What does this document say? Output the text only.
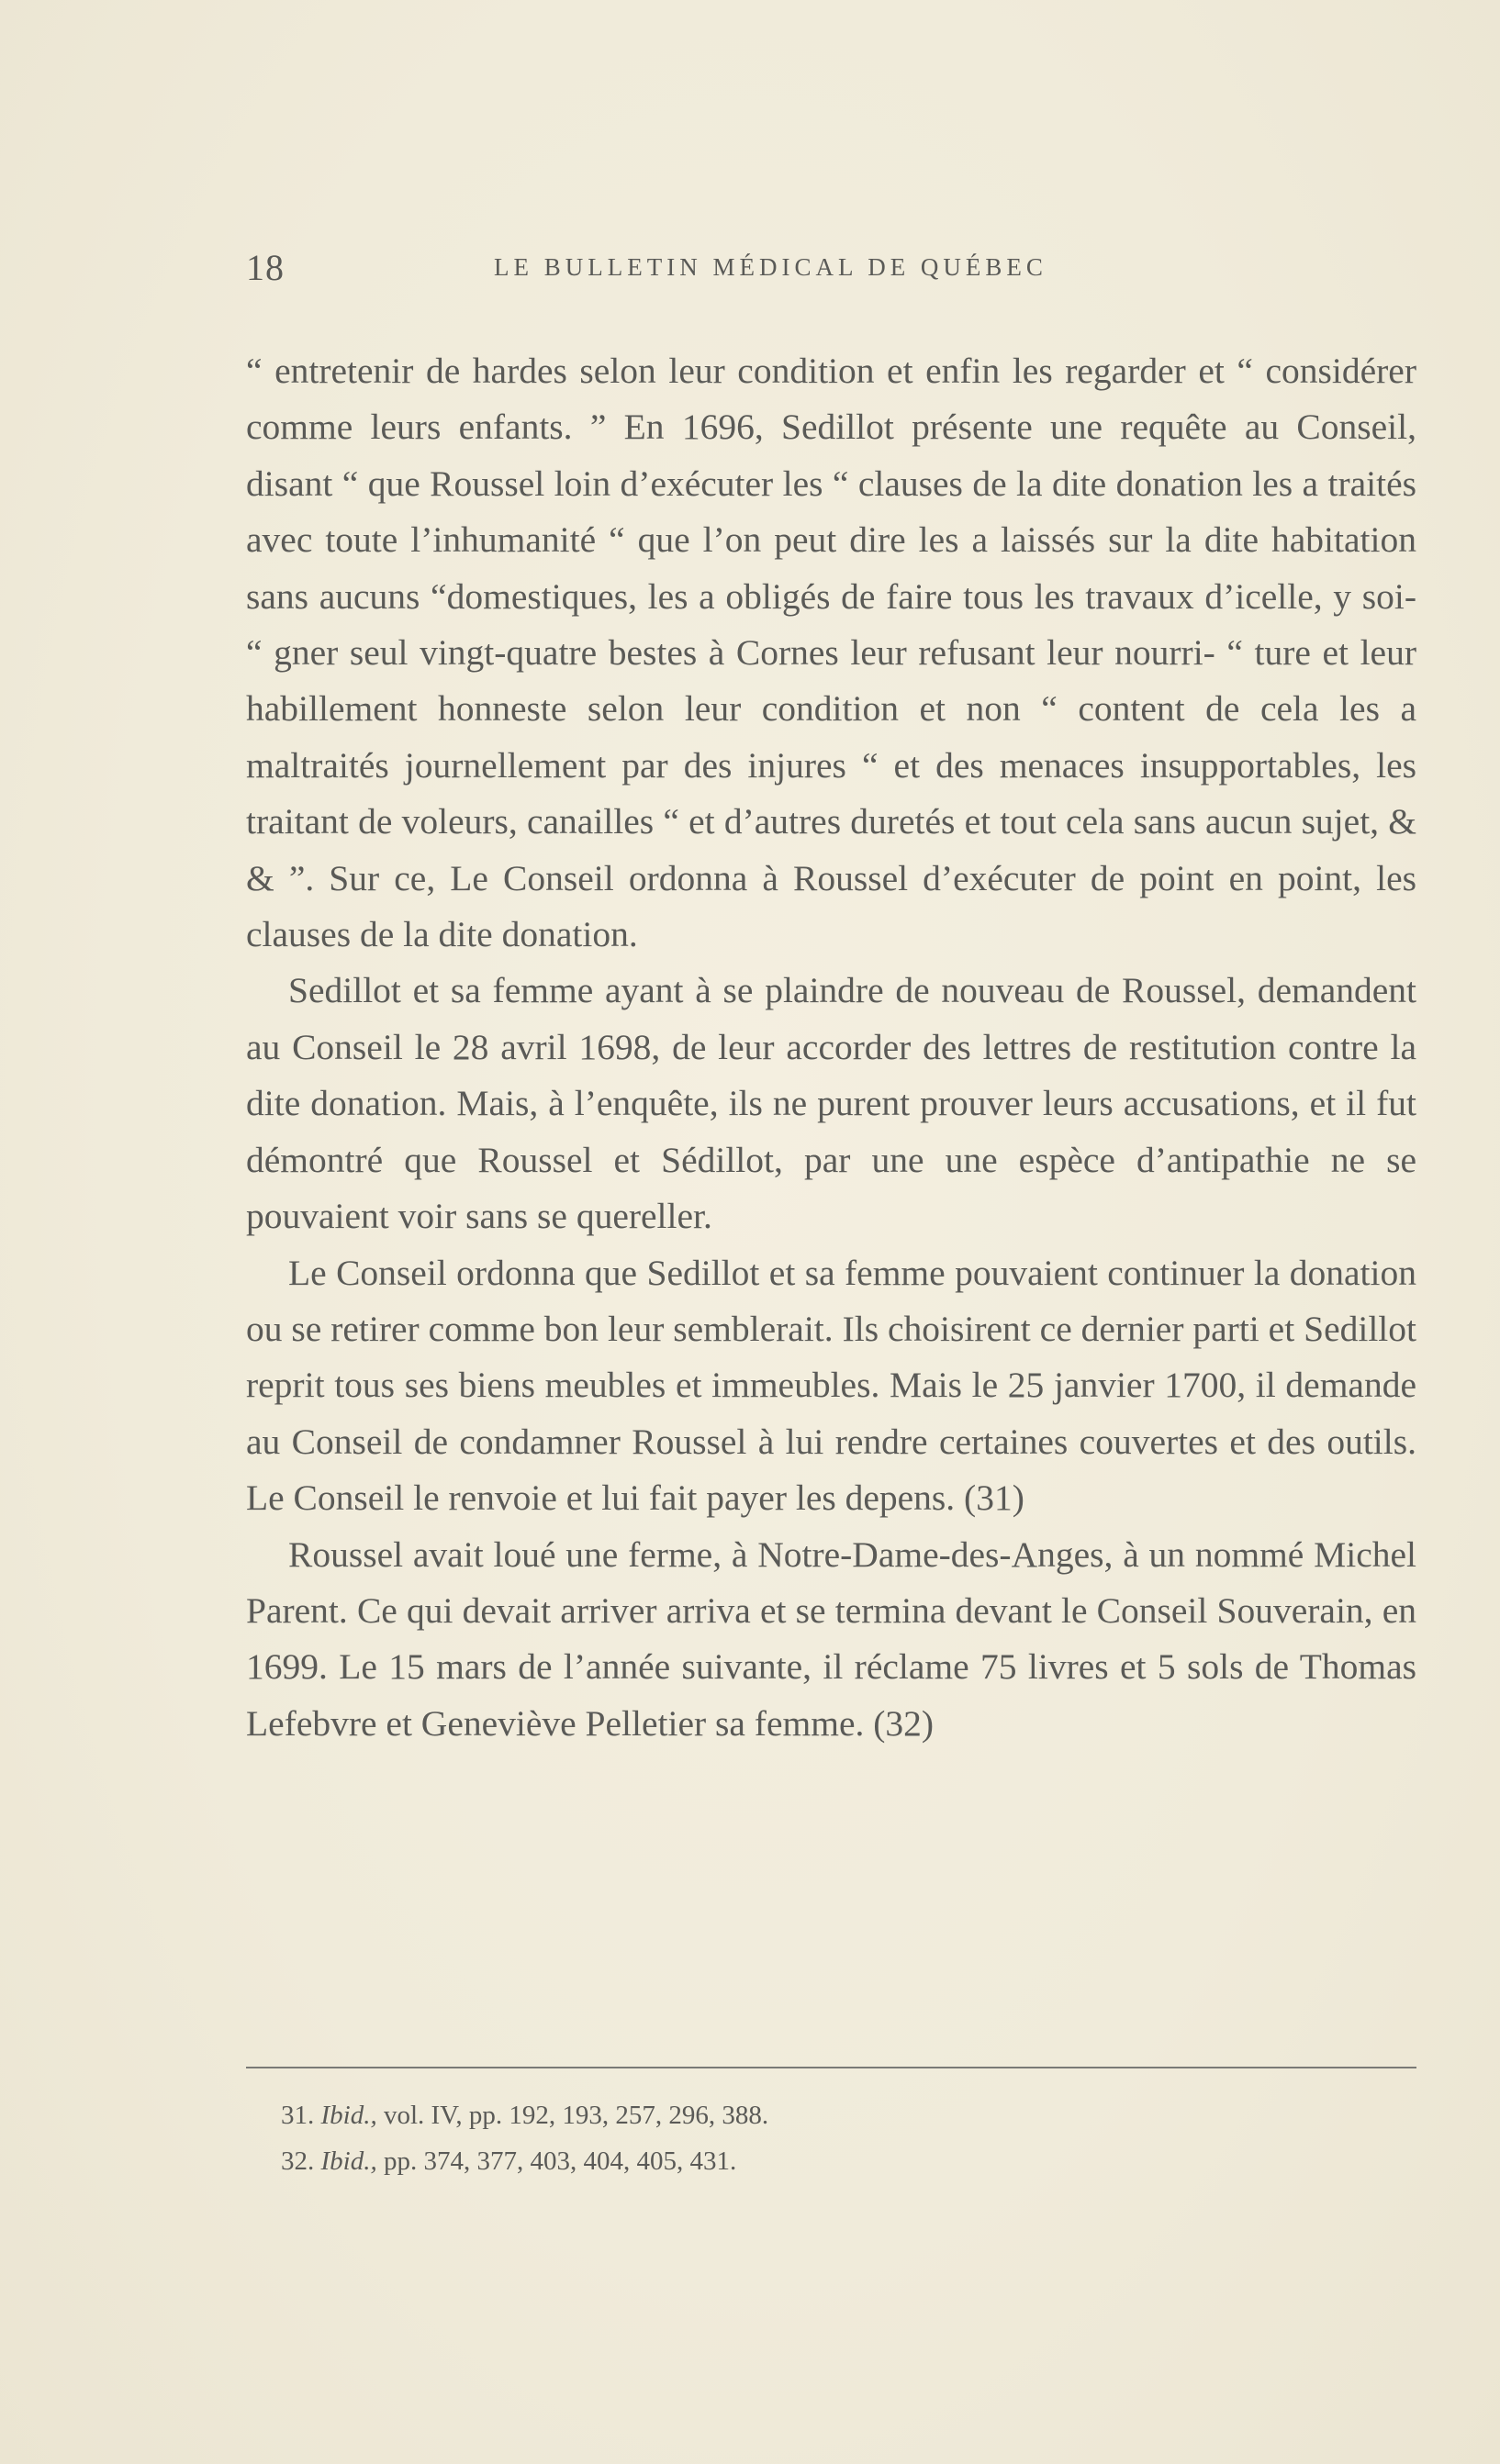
18	LE BULLETIN MÉDICAL DE QUÉBEC

“ entretenir de hardes selon leur condition et enfin les regarder et “ considérer comme leurs enfants. ” En 1696, Sedillot présente une requête au Conseil, disant “ que Roussel loin d’exécuter les “ clauses de la dite donation les a traités avec toute l’inhumanité “ que l’on peut dire les a laissés sur la dite habitation sans aucuns “domestiques, les a obligés de faire tous les travaux d’icelle, y soi- “ gner seul vingt-quatre bestes à Cornes leur refusant leur nourri- “ ture et leur habillement honneste selon leur condition et non “ content de cela les a maltraités journellement par des injures “ et des menaces insupportables, les traitant de voleurs, canailles “ et d’autres duretés et tout cela sans aucun sujet, & & ”. Sur ce, Le Conseil ordonna à Roussel d’exécuter de point en point, les clauses de la dite donation.

Sedillot et sa femme ayant à se plaindre de nouveau de Roussel, demandent au Conseil le 28 avril 1698, de leur accorder des lettres de restitution contre la dite donation. Mais, à l’enquête, ils ne purent prouver leurs accusations, et il fut démontré que Roussel et Sédillot, par une une espèce d’antipathie ne se pouvaient voir sans se quereller.

Le Conseil ordonna que Sedillot et sa femme pouvaient continuer la donation ou se retirer comme bon leur semblerait. Ils choisirent ce dernier parti et Sedillot reprit tous ses biens meubles et immeubles. Mais le 25 janvier 1700, il demande au Conseil de condamner Roussel à lui rendre certaines couvertes et des outils. Le Conseil le renvoie et lui fait payer les depens. (31)

Roussel avait loué une ferme, à Notre-Dame-des-Anges, à un nommé Michel Parent. Ce qui devait arriver arriva et se termina devant le Conseil Souverain, en 1699. Le 15 mars de l’année suivante, il réclame 75 livres et 5 sols de Thomas Lefebvre et Geneviève Pelletier sa femme. (32)

31. Ibid., vol. IV, pp. 192, 193, 257, 296, 388.
32. Ibid., pp. 374, 377, 403, 404, 405, 431.
